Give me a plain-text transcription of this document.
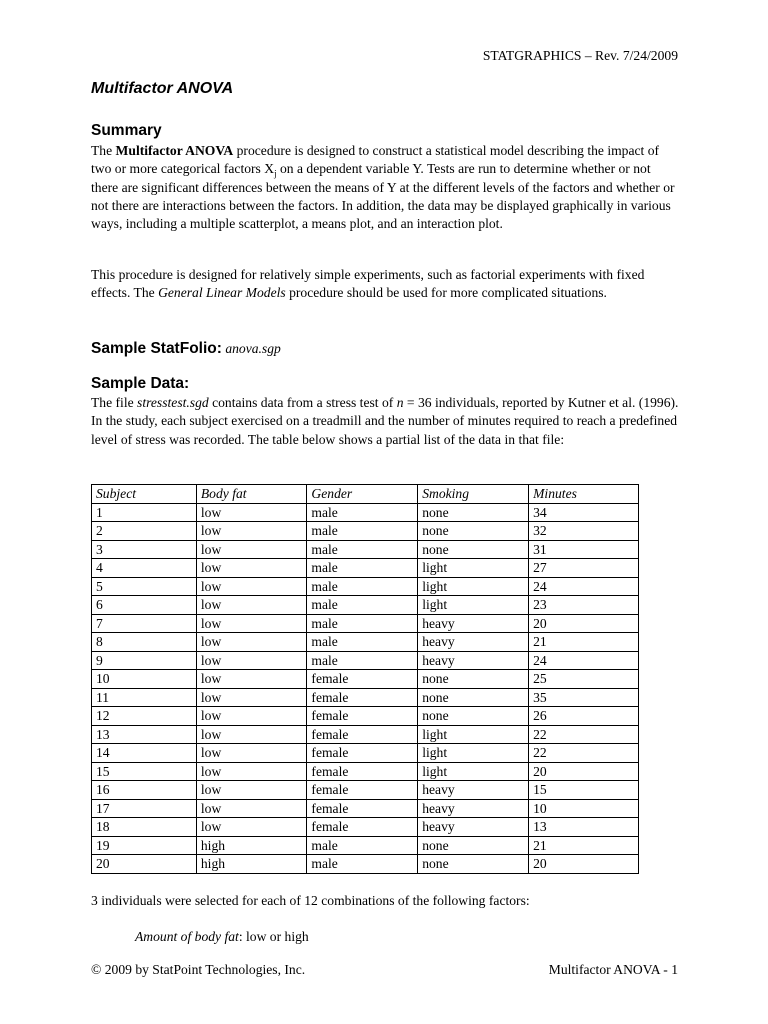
STATGRAPHICS – Rev. 7/24/2009
Multifactor ANOVA
Summary
The Multifactor ANOVA procedure is designed to construct a statistical model describing the impact of two or more categorical factors $X_j$ on a dependent variable Y. Tests are run to determine whether or not there are significant differences between the means of Y at the different levels of the factors and whether or not there are interactions between the factors. In addition, the data may be displayed graphically in various ways, including a multiple scatterplot, a means plot, and an interaction plot.
This procedure is designed for relatively simple experiments, such as factorial experiments with fixed effects. The General Linear Models procedure should be used for more complicated situations.
Sample StatFolio: anova.sgp
Sample Data:
The file stresstest.sgd contains data from a stress test of n = 36 individuals, reported by Kutner et al. (1996). In the study, each subject exercised on a treadmill and the number of minutes required to reach a predefined level of stress was recorded. The table below shows a partial list of the data in that file:
Subject	Body fat	Gender	Smoking	Minutes
1	low	male	none	34
2	low	male	none	32
3	low	male	none	31
4	low	male	light	27
5	low	male	light	24
6	low	male	light	23
7	low	male	heavy	20
8	low	male	heavy	21
9	low	male	heavy	24
10	low	female	none	25
11	low	female	none	35
12	low	female	none	26
13	low	female	light	22
14	low	female	light	22
15	low	female	light	20
16	low	female	heavy	15
17	low	female	heavy	10
18	low	female	heavy	13
19	high	male	none	21
20	high	male	none	20
3 individuals were selected for each of 12 combinations of the following factors:
Amount of body fat: low or high
© 2009 by StatPoint Technologies, Inc.	Multifactor ANOVA - 1
